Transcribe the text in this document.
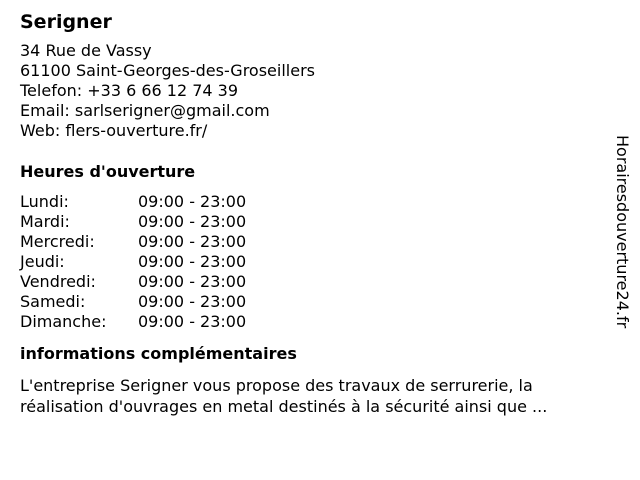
Serigner
34 Rue de Vassy
61100 Saint-Georges-des-Groseillers
Telefon: +33 6 66 12 74 39
Email: sarlserigner@gmail.com
Web: flers-ouverture.fr/
Heures d'ouverture
Lundi:	09:00 - 23:00
Mardi:	09:00 - 23:00
Mercredi:	09:00 - 23:00
Jeudi:	09:00 - 23:00
Vendredi:	09:00 - 23:00
Samedi:	09:00 - 23:00
Dimanche:	09:00 - 23:00
informations complémentaires
L'entreprise Serigner vous propose des travaux de serrurerie, la réalisation d'ouvrages en metal destinés à la sécurité ainsi que ...
Horairesdouverture24.fr
